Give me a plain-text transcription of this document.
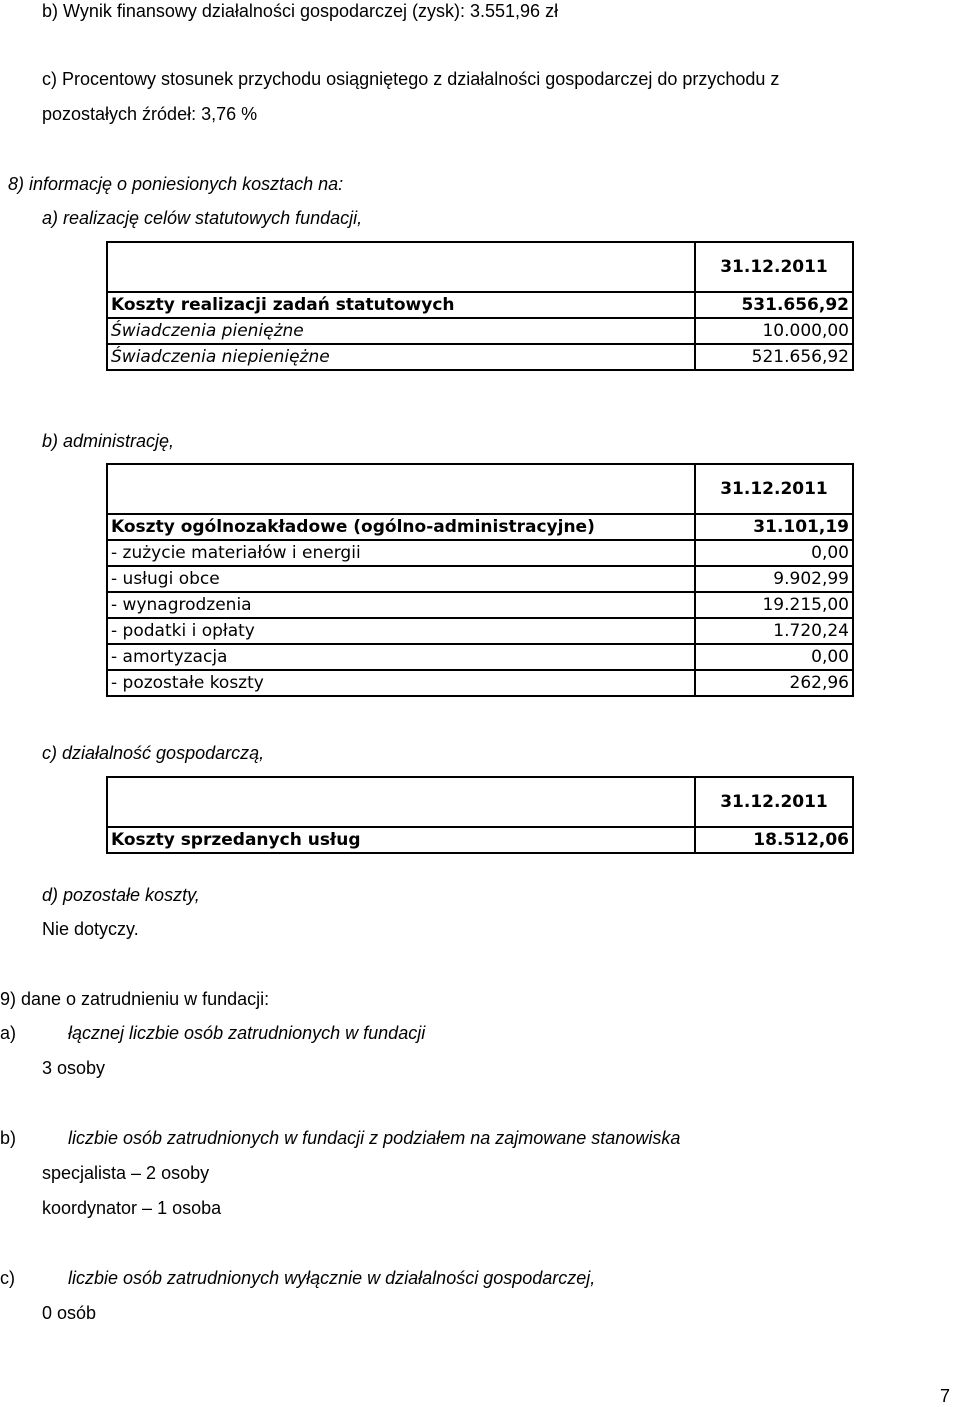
b) Wynik finansowy działalności gospodarczej (zysk): 3.551,96 zł
c) Procentowy stosunek przychodu osiągniętego z działalności gospodarczej do przychodu z
pozostałych źródeł: 3,76 %
8) informację o poniesionych kosztach na:
a) realizację celów statutowych fundacji,
	31.12.2011
Koszty realizacji zadań statutowych	531.656,92
Świadczenia pieniężne	10.000,00
Świadczenia niepieniężne	521.656,92
b) administrację,
	31.12.2011
Koszty ogólnozakładowe (ogólno-administracyjne)	31.101,19
- zużycie materiałów i energii	0,00
- usługi obce	9.902,99
- wynagrodzenia	19.215,00
- podatki i opłaty	1.720,24
- amortyzacja	0,00
- pozostałe koszty	262,96
c) działalność gospodarczą,
	31.12.2011
Koszty sprzedanych usług	18.512,06
d) pozostałe koszty,
Nie dotyczy.
9) dane o zatrudnieniu w fundacji:
a)	łącznej liczbie osób zatrudnionych w fundacji
3 osoby
b)	liczbie osób zatrudnionych w fundacji z podziałem na zajmowane stanowiska
specjalista – 2 osoby
koordynator – 1 osoba
c)	liczbie osób zatrudnionych wyłącznie w działalności gospodarczej,
0 osób
7
